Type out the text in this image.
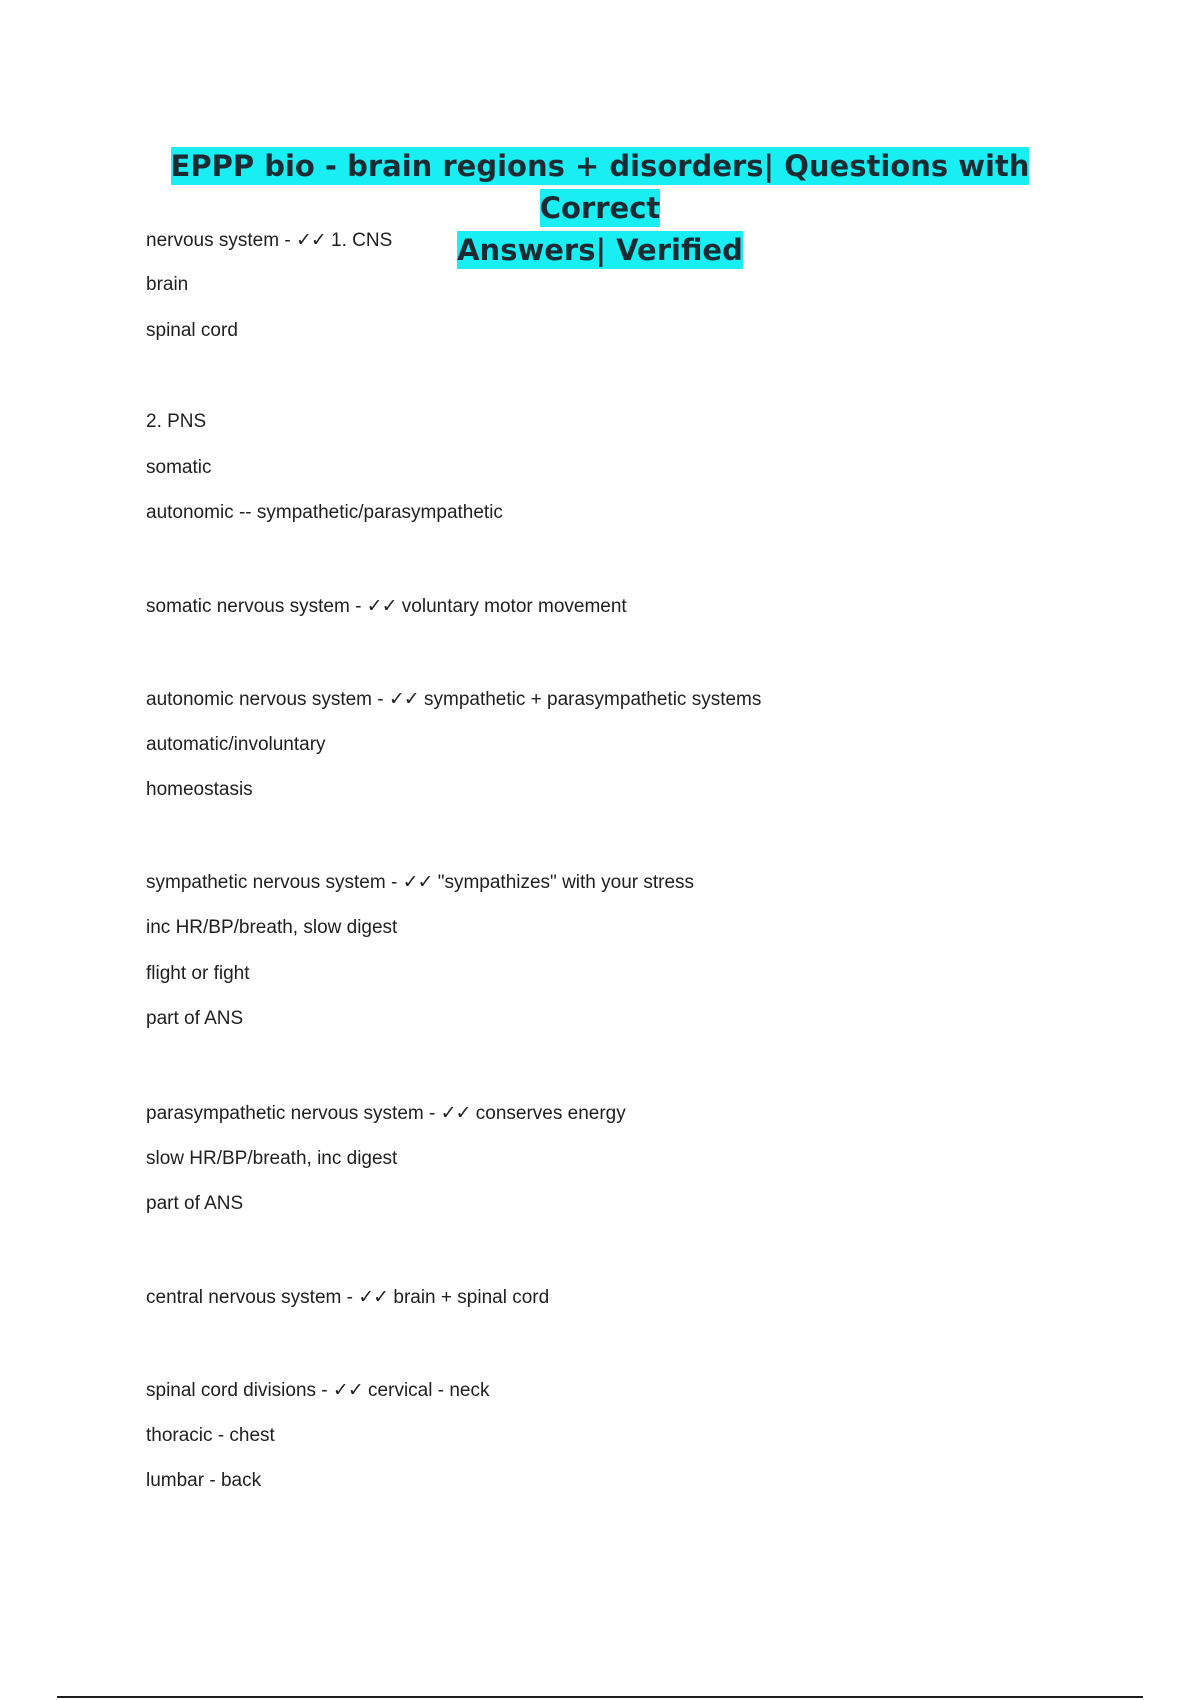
EPPP bio - brain regions + disorders| Questions with Correct
Answers| Verified
nervous system - ✓✓ 1. CNS
brain
spinal cord
2. PNS
somatic
autonomic -- sympathetic/parasympathetic
somatic nervous system - ✓✓ voluntary motor movement
autonomic nervous system - ✓✓ sympathetic + parasympathetic systems
automatic/involuntary
homeostasis
sympathetic nervous system - ✓✓ "sympathizes" with your stress
inc HR/BP/breath, slow digest
flight or fight
part of ANS
parasympathetic nervous system - ✓✓ conserves energy
slow HR/BP/breath, inc digest
part of ANS
central nervous system - ✓✓ brain + spinal cord
spinal cord divisions - ✓✓ cervical - neck
thoracic - chest
lumbar - back
